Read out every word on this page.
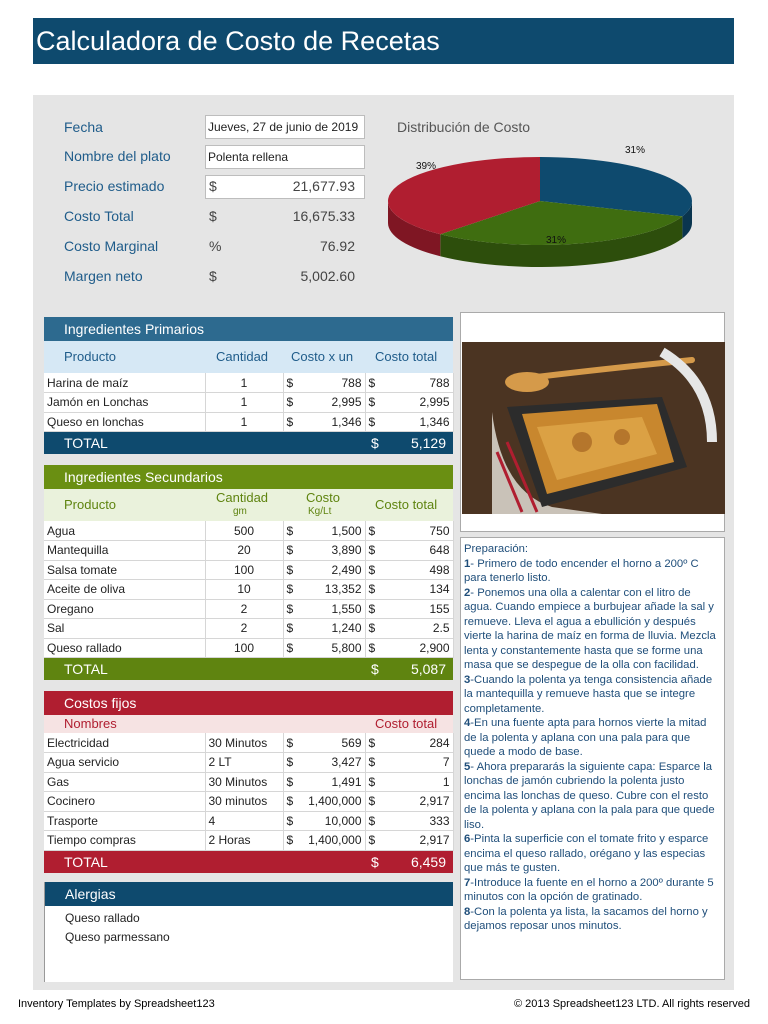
Calculadora de Costo de Recetas
Fecha	Jueves, 27 de junio de 2019
Nombre del plato	Polenta rellena
Precio estimado	$	21,677.93
Costo Total	$	16,675.33
Costo Marginal	%	76.92
Margen neto	$	5,002.60
Distribución de Costo
31%
31%
39%
Ingredientes Primarios
Producto	Cantidad Costo x un Costo total
Harina de maíz	1	$	788	$	788
Jamón en Lonchas	1	$	2,995	$	2,995
Queso en lonchas	1	$	1,346	$	1,346
TOTAL	$ 5,129
Ingredientes Secundarios
Producto	Cantidad
gm
Costo
Kg/Lt	Costo total
Agua	500	$	1,500	$	750
Mantequilla	20	$	3,890	$	648
Salsa tomate	100	$	2,490	$	498
Aceite de oliva	10	$	13,352	$	134
Oregano	2	$	1,550	$	155
Sal	2	$	1,240	$	2.5
Queso rallado	100	$	5,800	$	2,900
TOTAL	$ 5,087
Costos fijos
Nombres	Costo total
Electricidad	30 Minutos	$	569	$	284
Agua servicio	2 LT	$	3,427	$	7
Gas	30 Minutos	$	1,491	$	1
Cocinero	30 minutos	$	1,400,000	$	2,917
Trasporte	4	$	10,000	$	333
Tiempo compras	2 Horas	$	1,400,000	$	2,917
TOTAL	$ 6,459
Alergias
Queso rallado
Queso parmessano
Preparación:
1- Primero de todo encender el horno a 200º C para tenerlo listo.
2- Ponemos una olla a calentar con el litro de agua. Cuando empiece a burbujear añade la sal y remueve. Lleva el agua a ebullición y después vierte la harina de maíz en forma de lluvia. Mezcla lenta y constantemente hasta que se forme una masa que se despegue de la olla con facilidad.
3-Cuando la polenta ya tenga consistencia añade la mantequilla y remueve hasta que se integre completamente.
4-En una fuente apta para hornos vierte la mitad de la polenta y aplana con una pala para que quede a modo de base.
5- Ahora prepararás la siguiente capa: Esparce la lonchas de jamón cubriendo la polenta justo encima las lonchas de queso. Cubre con el resto de la polenta y aplana con la pala para que quede liso.
6-Pinta la superficie con el tomate frito y esparce encima el queso rallado, orégano y las especias que más te gusten.
7-Introduce la fuente en el horno a 200º durante 5 minutos con la opción de gratinado.
8-Con la polenta ya lista, la sacamos del horno y dejamos reposar unos minutos.
Inventory Templates by Spreadsheet123	© 2013 Spreadsheet123 LTD. All rights reserved
